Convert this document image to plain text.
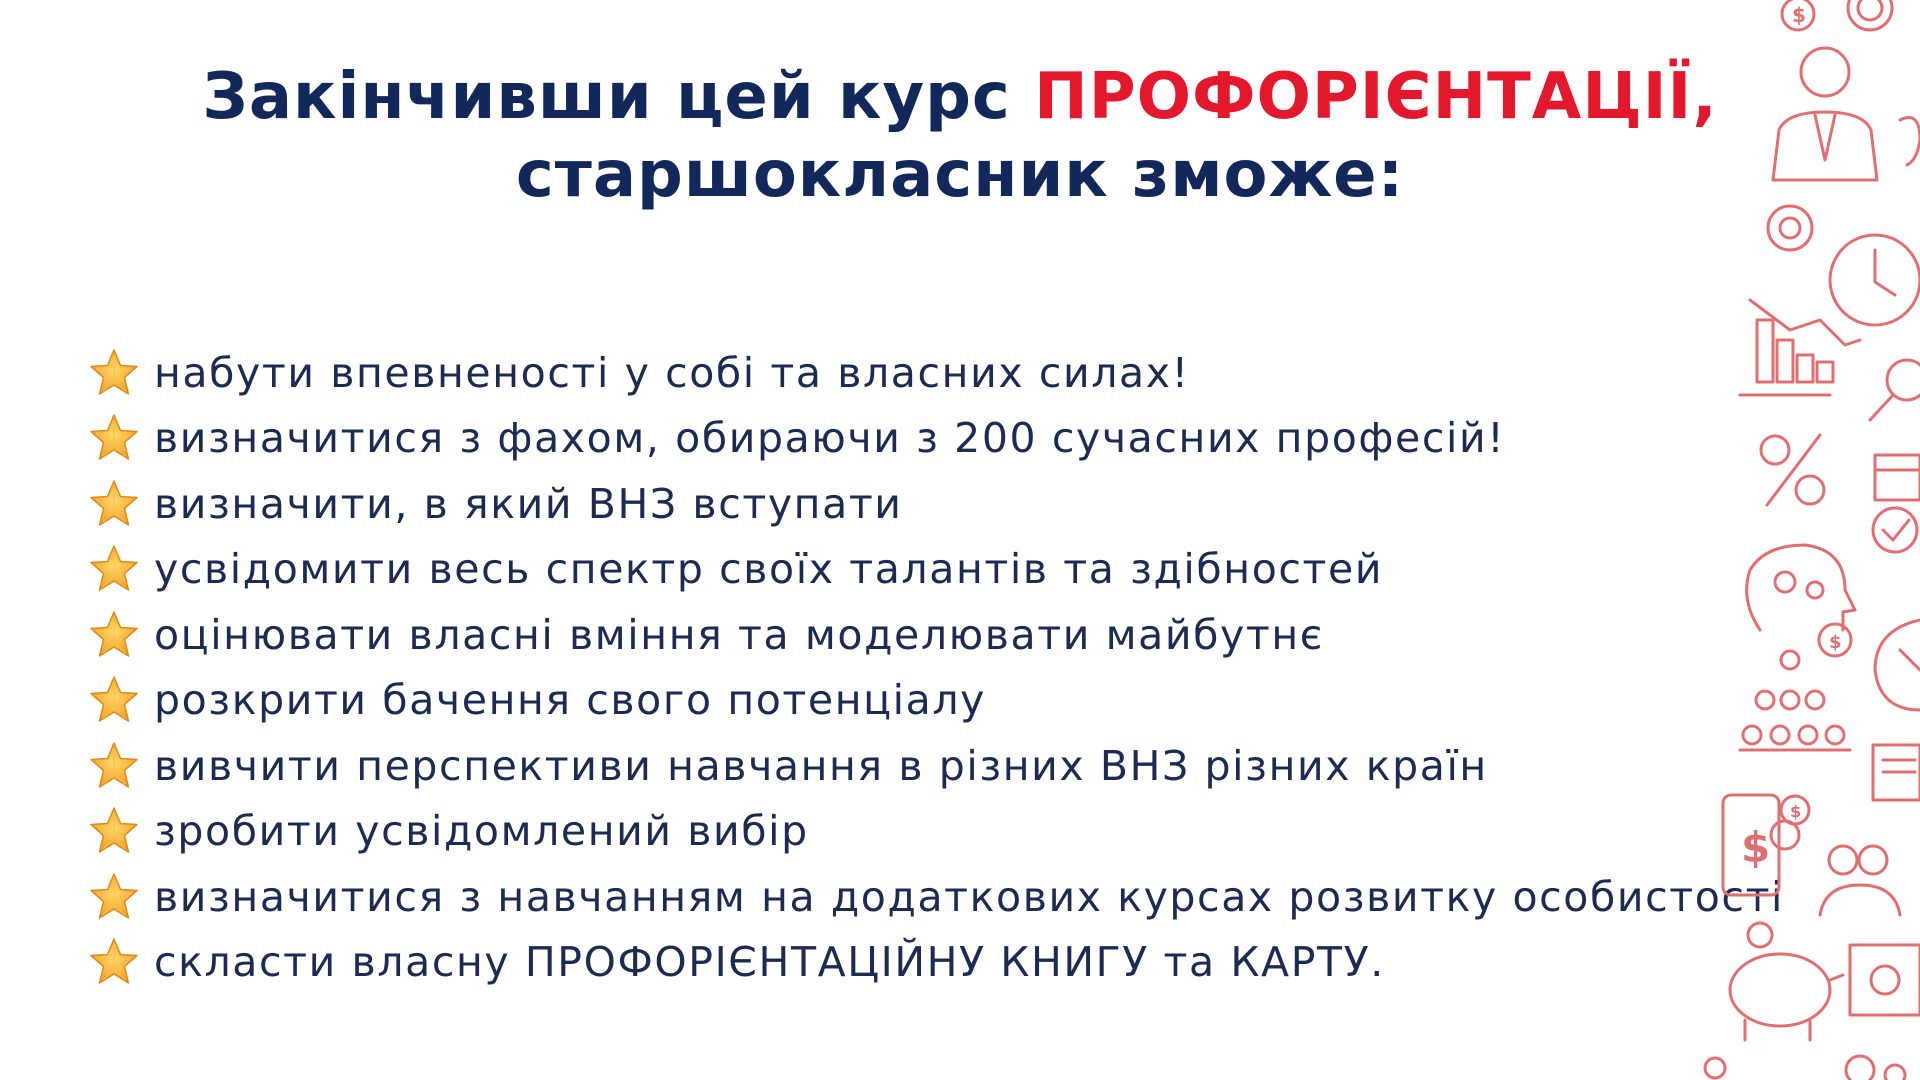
Закінчивши цей курс ПРОФОРІЄНТАЦІЇ,
старшокласник зможе:
набути впевненості у собі та власних силах!
визначитися з фахом, обираючи з 200 сучасних професій!
визначити, в який ВНЗ вступати
усвідомити весь спектр своїх талантів та здібностей
оцінювати власні вміння та моделювати майбутнє
розкрити бачення свого потенціалу
вивчити перспективи навчання в різних ВНЗ різних країн
зробити усвідомлений вибір
визначитися з навчанням на додаткових курсах розвитку особистості
скласти власну ПРОФОРІЄНТАЦІЙНУ КНИГУ та КАРТУ.
$
$
$
$
